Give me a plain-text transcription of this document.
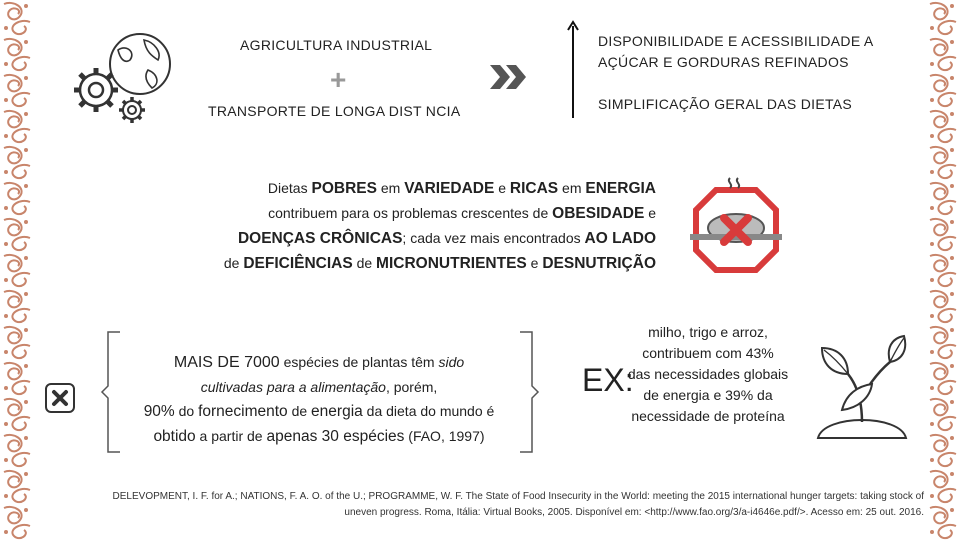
AGRICULTURA INDUSTRIAL
+
TRANSPORTE DE LONGA DIST NCIA
DISPONIBILIDADE E ACESSIBILIDADE A
AÇÚCAR E GORDURAS REFINADOS
SIMPLIFICAÇÃO GERAL DAS DIETAS
Dietas POBRES em VARIEDADE e RICAS em ENERGIA
contribuem para os problemas crescentes de OBESIDADE e
DOENÇAS CRÔNICAS; cada vez mais encontrados AO LADO
de DEFICIÊNCIAS de MICRONUTRIENTES e DESNUTRIÇÃO
MAIS DE 7000 espécies de plantas têm sido
cultivadas para a alimentação, porém,
90% do fornecimento de energia da dieta do mundo é
obtido a partir de apenas 30 espécies (FAO, 1997)
EX:
milho, trigo e arroz,
contribuem com 43%
das necessidades globais
de energia e 39% da
necessidade de proteína
DELEVOPMENT, I. F. for A.; NATIONS, F. A. O. of the U.; PROGRAMME, W. F. The State of Food Insecurity in the World: meeting the 2015 international hunger targets: taking stock of
uneven progress. Roma, Itália: Virtual Books, 2005. Disponível em: <http://www.fao.org/3/a-i4646e.pdf/>. Acesso em: 25 out. 2016.
